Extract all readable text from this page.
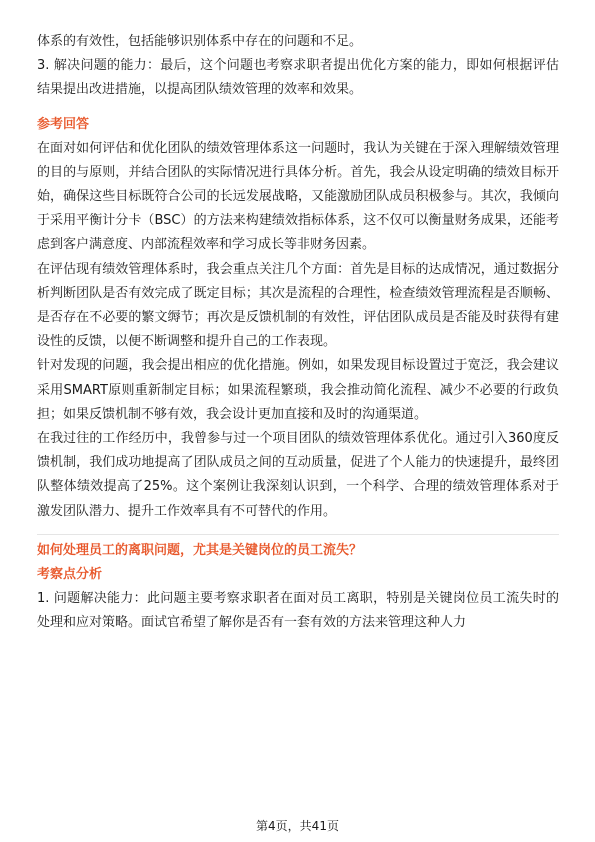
体系的有效性，包括能够识别体系中存在的问题和不足。

3. 解决问题的能力：最后，这个问题也考察求职者提出优化方案的能力，即如何根据评估结果提出改进措施，以提高团队绩效管理的效率和效果。

参考回答

在面对如何评估和优化团队的绩效管理体系这一问题时，我认为关键在于深入理解绩效管理的目的与原则，并结合团队的实际情况进行具体分析。首先，我会从设定明确的绩效目标开始，确保这些目标既符合公司的长远发展战略，又能激励团队成员积极参与。其次，我倾向于采用平衡计分卡（BSC）的方法来构建绩效指标体系，这不仅可以衡量财务成果，还能考虑到客户满意度、内部流程效率和学习成长等非财务因素。

在评估现有绩效管理体系时，我会重点关注几个方面：首先是目标的达成情况，通过数据分析判断团队是否有效完成了既定目标；其次是流程的合理性，检查绩效管理流程是否顺畅、是否存在不必要的繁文缛节；再次是反馈机制的有效性，评估团队成员是否能及时获得有建设性的反馈，以便不断调整和提升自己的工作表现。

针对发现的问题，我会提出相应的优化措施。例如，如果发现目标设置过于宽泛，我会建议采用SMART原则重新制定目标；如果流程繁琐，我会推动简化流程、减少不必要的行政负担；如果反馈机制不够有效，我会设计更加直接和及时的沟通渠道。

在我过往的工作经历中，我曾参与过一个项目团队的绩效管理体系优化。通过引入360度反馈机制，我们成功地提高了团队成员之间的互动质量，促进了个人能力的快速提升，最终团队整体绩效提高了25%。这个案例让我深刻认识到，一个科学、合理的绩效管理体系对于激发团队潜力、提升工作效率具有不可替代的作用。

如何处理员工的离职问题，尤其是关键岗位的员工流失？

考察点分析

1. 问题解决能力：此问题主要考察求职者在面对员工离职，特别是关键岗位员工流失时的处理和应对策略。面试官希望了解你是否有一套有效的方法来管理这种人力

第4页，共41页
